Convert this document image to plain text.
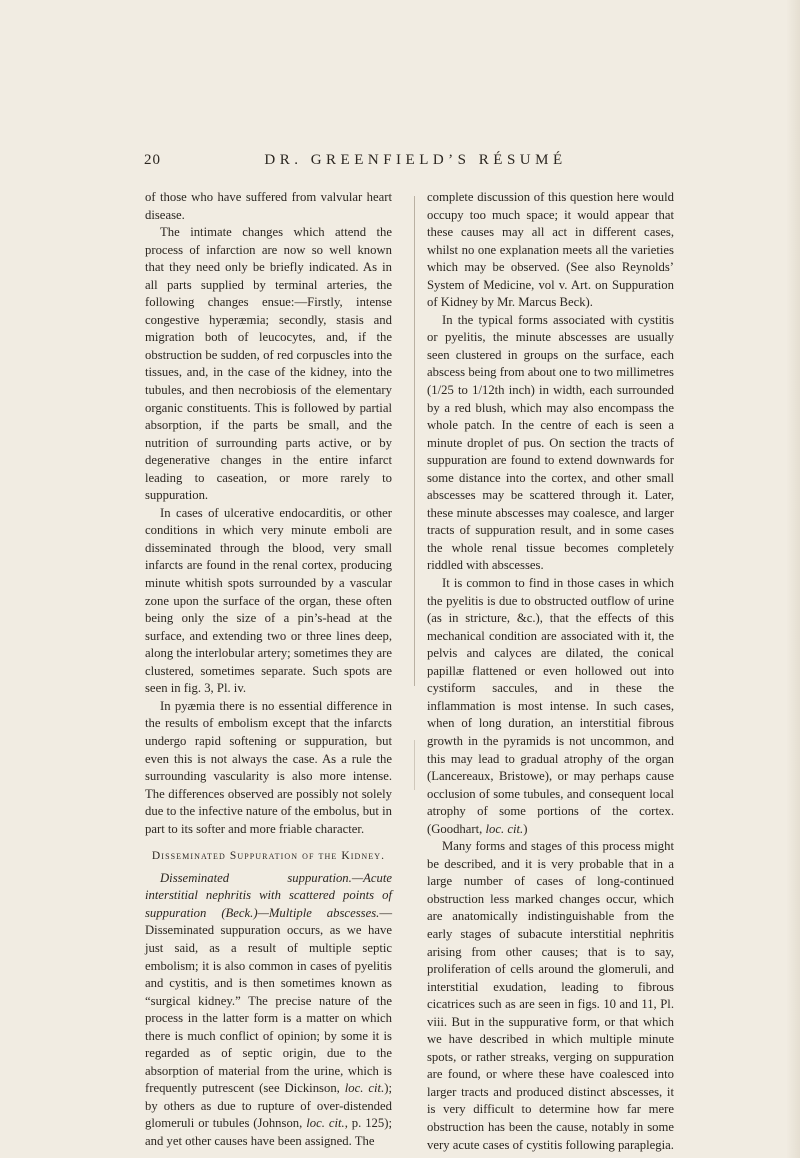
20	DR. GREENFIELD’S RÉSUMÉ

of those who have suffered from valvular heart disease.

The intimate changes which attend the process of infarction are now so well known that they need only be briefly indicated. As in all parts supplied by terminal arteries, the following changes ensue:—Firstly, intense congestive hyperæmia; secondly, stasis and migration both of leucocytes, and, if the obstruction be sudden, of red corpuscles into the tissues, and, in the case of the kidney, into the tubules, and then necrobiosis of the elementary organic constituents. This is followed by partial absorption, if the parts be small, and the nutrition of surrounding parts active, or by degenerative changes in the entire infarct leading to caseation, or more rarely to suppuration.

In cases of ulcerative endocarditis, or other conditions in which very minute emboli are disseminated through the blood, very small infarcts are found in the renal cortex, producing minute whitish spots surrounded by a vascular zone upon the surface of the organ, these often being only the size of a pin’s-head at the surface, and extending two or three lines deep, along the interlobular artery; sometimes they are clustered, sometimes separate. Such spots are seen in fig. 3, Pl. iv.

In pyæmia there is no essential difference in the results of embolism except that the infarcts undergo rapid softening or suppuration, but even this is not always the case. As a rule the surrounding vascularity is also more intense. The differences observed are possibly not solely due to the infective nature of the embolus, but in part to its softer and more friable character.

Disseminated Suppuration of the Kidney.

Disseminated suppuration.—Acute interstitial nephritis with scattered points of suppuration (Beck.)—Multiple abscesses.—Disseminated suppuration occurs, as we have just said, as a result of multiple septic embolism; it is also common in cases of pyelitis and cystitis, and is then sometimes known as “surgical kidney.” The precise nature of the process in the latter form is a matter on which there is much conflict of opinion; by some it is regarded as of septic origin, due to the absorption of material from the urine, which is frequently putrescent (see Dickinson, loc. cit.); by others as due to rupture of over-distended glomeruli or tubules (Johnson, loc. cit., p. 125); and yet other causes have been assigned. The

complete discussion of this question here would occupy too much space; it would appear that these causes may all act in different cases, whilst no one explanation meets all the varieties which may be observed. (See also Reynolds’ System of Medicine, vol v. Art. on Suppuration of Kidney by Mr. Marcus Beck).

In the typical forms associated with cystitis or pyelitis, the minute abscesses are usually seen clustered in groups on the surface, each abscess being from about one to two millimetres (1/25 to 1/12th inch) in width, each surrounded by a red blush, which may also encompass the whole patch. In the centre of each is seen a minute droplet of pus. On section the tracts of suppuration are found to extend downwards for some distance into the cortex, and other small abscesses may be scattered through it. Later, these minute abscesses may coalesce, and larger tracts of suppuration result, and in some cases the whole renal tissue becomes completely riddled with abscesses.

It is common to find in those cases in which the pyelitis is due to obstructed outflow of urine (as in stricture, &c.), that the effects of this mechanical condition are associated with it, the pelvis and calyces are dilated, the conical papillæ flattened or even hollowed out into cystiform saccules, and in these the inflammation is most intense. In such cases, when of long duration, an interstitial fibrous growth in the pyramids is not uncommon, and this may lead to gradual atrophy of the organ (Lancereaux, Bristowe), or may perhaps cause occlusion of some tubules, and consequent local atrophy of some portions of the cortex. (Goodhart, loc. cit.)

Many forms and stages of this process might be described, and it is very probable that in a large number of cases of long-continued obstruction less marked changes occur, which are anatomically indistinguishable from the early stages of subacute interstitial nephritis arising from other causes; that is to say, proliferation of cells around the glomeruli, and interstitial exudation, leading to fibrous cicatrices such as are seen in figs. 10 and 11, Pl. viii. But in the suppurative form, or that which we have described in which multiple minute spots, or rather streaks, verging on suppuration are found, or where these have coalesced into larger tracts and produced distinct abscesses, it is very difficult to determine how far mere obstruction has been the cause, notably in some very acute cases of cystitis following paraplegia.
